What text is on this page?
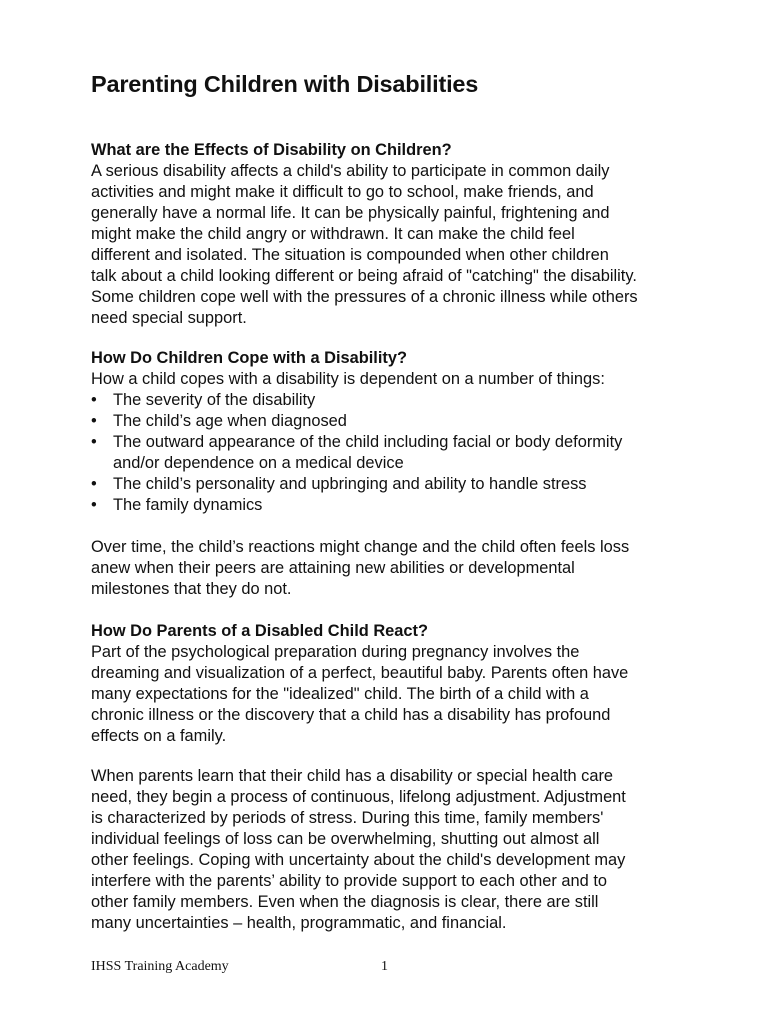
Parenting Children with Disabilities
What are the Effects of Disability on Children?
A serious disability affects a child's ability to participate in common daily
activities and might make it difficult to go to school, make friends, and
generally have a normal life. It can be physically painful, frightening and
might make the child angry or withdrawn. It can make the child feel
different and isolated. The situation is compounded when other children
talk about a child looking different or being afraid of "catching" the disability.
Some children cope well with the pressures of a chronic illness while others
need special support.
How Do Children Cope with a Disability?
How a child copes with a disability is dependent on a number of things:
• The severity of the disability
• The child’s age when diagnosed
• The outward appearance of the child including facial or body deformity
and/or dependence on a medical device
• The child’s personality and upbringing and ability to handle stress
• The family dynamics
Over time, the child’s reactions might change and the child often feels loss
anew when their peers are attaining new abilities or developmental
milestones that they do not.
How Do Parents of a Disabled Child React?
Part of the psychological preparation during pregnancy involves the
dreaming and visualization of a perfect, beautiful baby. Parents often have
many expectations for the "idealized" child. The birth of a child with a
chronic illness or the discovery that a child has a disability has profound
effects on a family.
When parents learn that their child has a disability or special health care
need, they begin a process of continuous, lifelong adjustment. Adjustment
is characterized by periods of stress. During this time, family members'
individual feelings of loss can be overwhelming, shutting out almost all
other feelings. Coping with uncertainty about the child's development may
interfere with the parents’ ability to provide support to each other and to
other family members. Even when the diagnosis is clear, there are still
many uncertainties – health, programmatic, and financial.
IHSS Training Academy	1
